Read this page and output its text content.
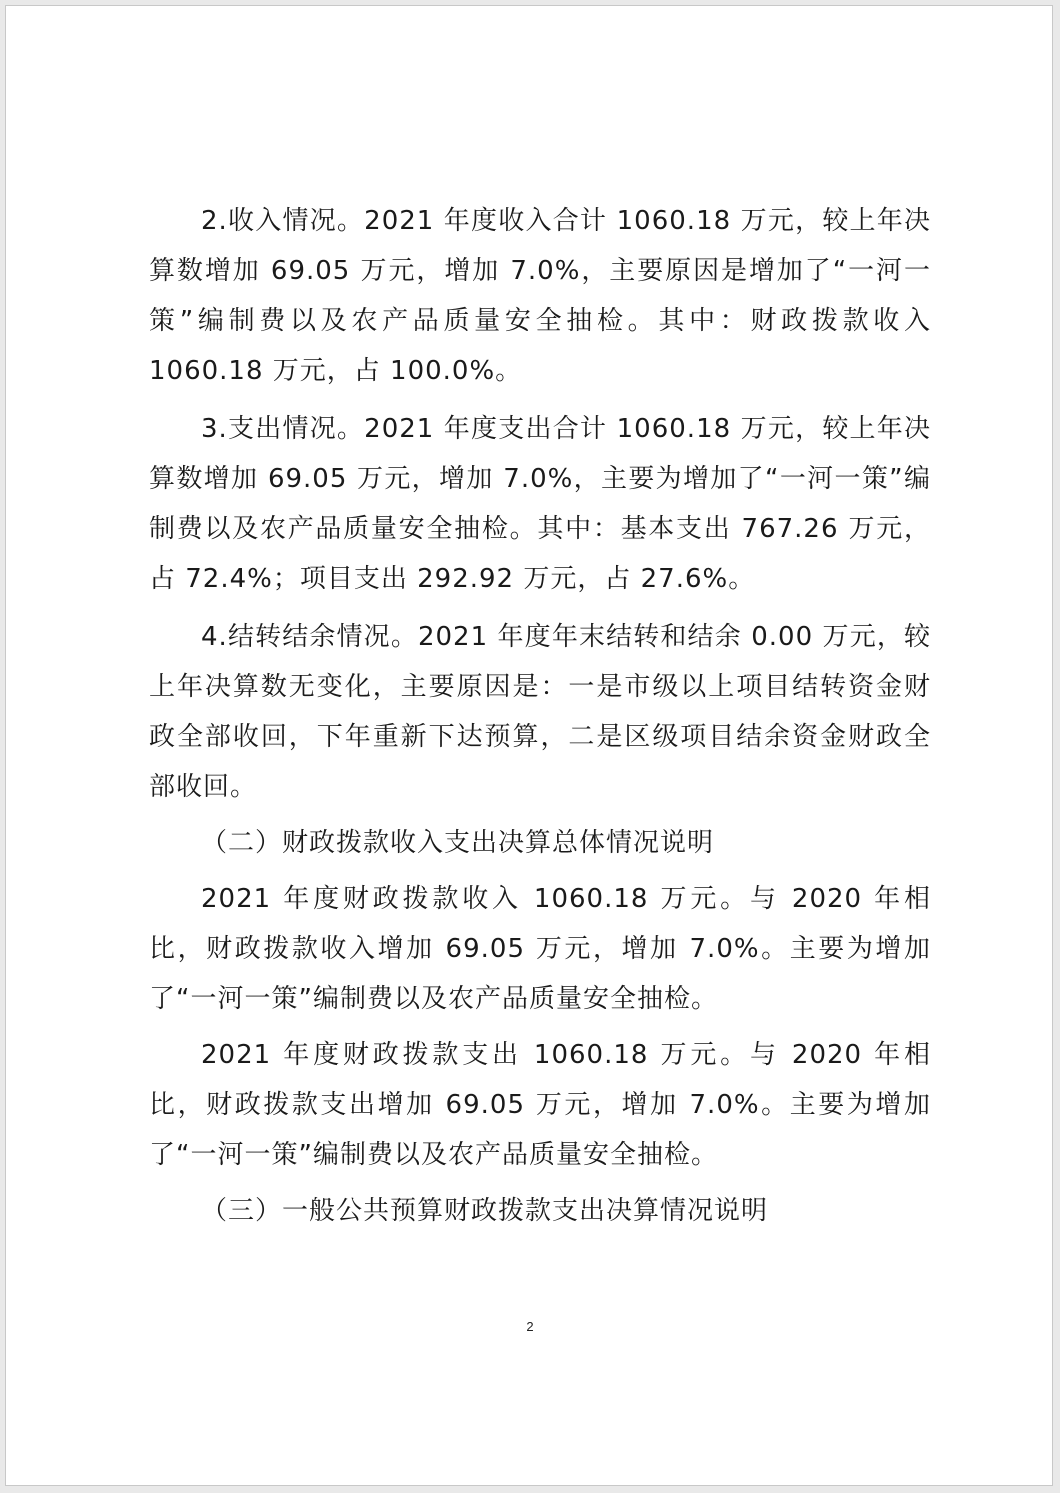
2.收入情况。2021 年度收入合计 1060.18 万元，较上年决算数增加 69.05 万元，增加 7.0%，主要原因是增加了“一河一策”编制费以及农产品质量安全抽检。其中：财政拨款收入 1060.18 万元，占 100.0%。

3.支出情况。2021 年度支出合计 1060.18 万元，较上年决算数增加 69.05 万元，增加 7.0%，主要为增加了“一河一策”编制费以及农产品质量安全抽检。其中：基本支出 767.26 万元，占 72.4%；项目支出 292.92 万元，占 27.6%。

4.结转结余情况。2021 年度年末结转和结余 0.00 万元，较上年决算数无变化，主要原因是：一是市级以上项目结转资金财政全部收回，下年重新下达预算，二是区级项目结余资金财政全部收回。

（二）财政拨款收入支出决算总体情况说明

2021 年度财政拨款收入 1060.18 万元。与 2020 年相比，财政拨款收入增加 69.05 万元，增加 7.0%。主要为增加了“一河一策”编制费以及农产品质量安全抽检。

2021 年度财政拨款支出 1060.18 万元。与 2020 年相比，财政拨款支出增加 69.05 万元，增加 7.0%。主要为增加了“一河一策”编制费以及农产品质量安全抽检。

（三）一般公共预算财政拨款支出决算情况说明

2
